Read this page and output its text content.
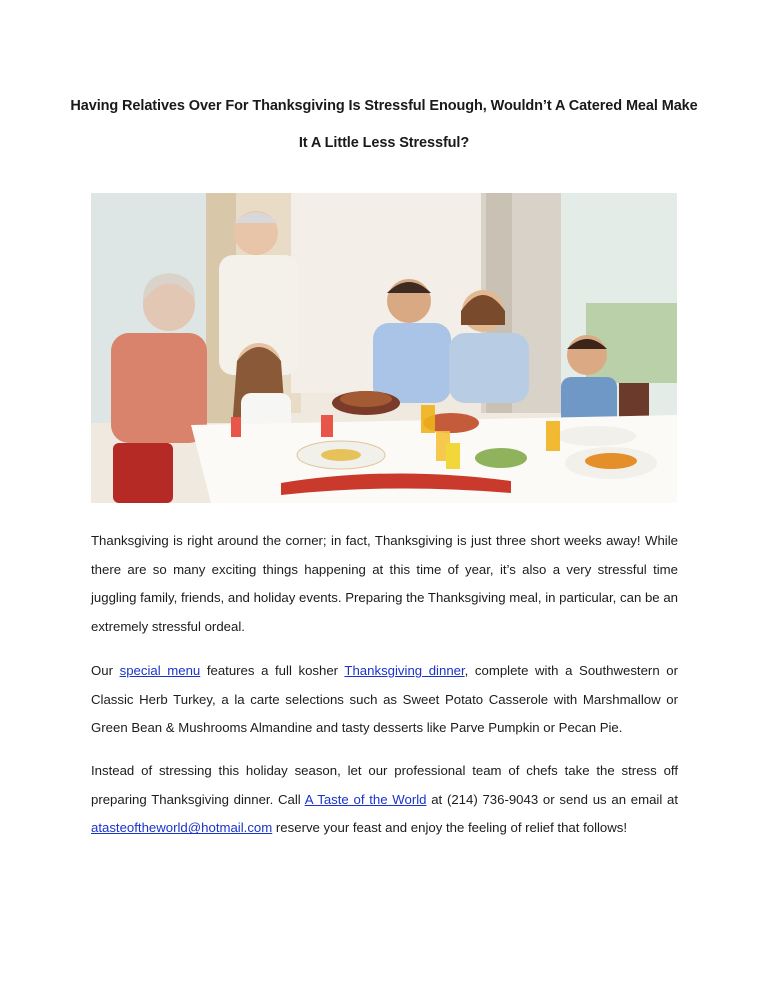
Having Relatives Over For Thanksgiving Is Stressful Enough, Wouldn’t A Catered Meal Make It A Little Less Stressful?
Thanksgiving is right around the corner; in fact, Thanksgiving is just three short weeks away! While there are so many exciting things happening at this time of year, it’s also a very stressful time juggling family, friends, and holiday events. Preparing the Thanksgiving meal, in particular, can be an extremely stressful ordeal.
Our special menu features a full kosher Thanksgiving dinner, complete with a Southwestern or Classic Herb Turkey, a la carte selections such as Sweet Potato Casserole with Marshmallow or Green Bean & Mushrooms Almandine and tasty desserts like Parve Pumpkin or Pecan Pie.
Instead of stressing this holiday season, let our professional team of chefs take the stress off preparing Thanksgiving dinner. Call A Taste of the World at (214) 736-9043 or send us an email at atasteoftheworld@hotmail.com reserve your feast and enjoy the feeling of relief that follows!
